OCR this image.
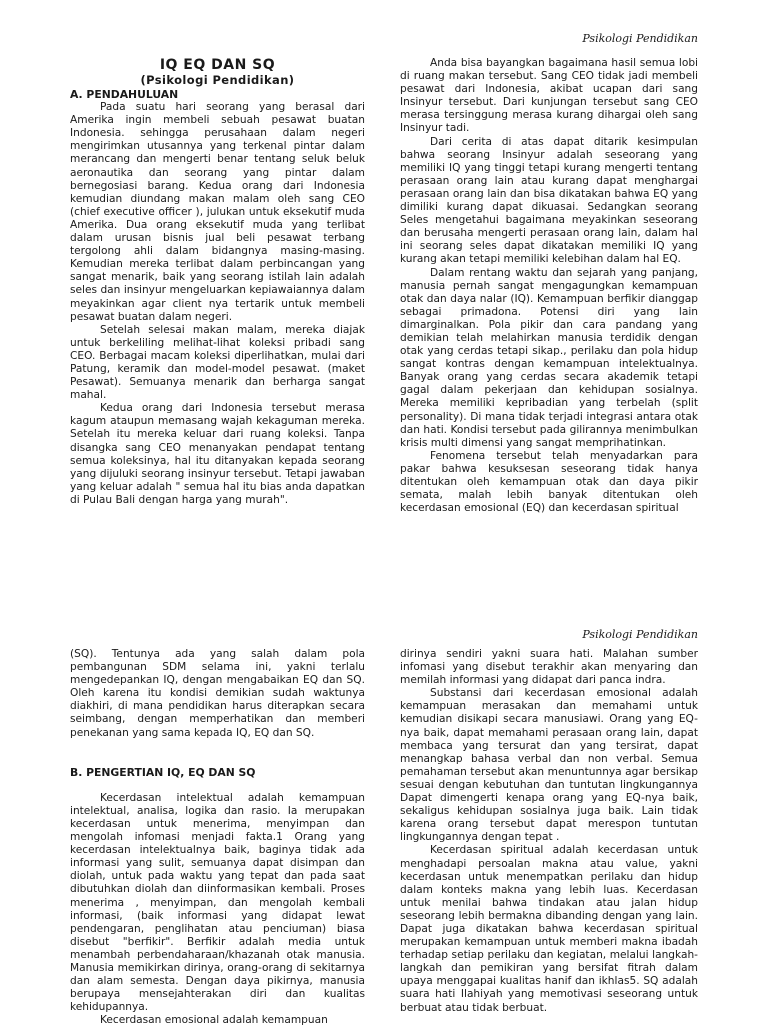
Psikologi Pendidikan

IQ EQ DAN SQ

(Psikologi Pendidikan)

A. PENDAHULUAN

Pada suatu hari seorang yang berasal dari Amerika ingin membeli sebuah pesawat buatan Indonesia. sehingga perusahaan dalam negeri mengirimkan utusannya yang terkenal pintar dalam merancang dan mengerti benar tentang seluk beluk aeronautika dan seorang yang pintar dalam bernegosiasi barang. Kedua orang dari Indonesia kemudian diundang makan malam oleh sang CEO (chief executive officer ), julukan untuk eksekutif muda Amerika. Dua orang eksekutif muda yang terlibat dalam urusan bisnis jual beli pesawat terbang tergolong ahli dalam bidangnya masing-masing. Kemudian mereka terlibat dalam perbincangan yang sangat menarik, baik yang seorang istilah lain adalah seles dan insinyur mengeluarkan kepiawaiannya dalam meyakinkan agar client nya tertarik untuk membeli pesawat buatan dalam negeri.

Setelah selesai makan malam, mereka diajak untuk berkeliling melihat-lihat koleksi pribadi sang CEO. Berbagai macam koleksi diperlihatkan, mulai dari Patung, keramik dan model-model pesawat. (maket Pesawat). Semuanya menarik dan berharga sangat mahal.

Kedua orang dari Indonesia tersebut merasa kagum ataupun memasang wajah kekaguman mereka. Setelah itu mereka keluar dari ruang koleksi. Tanpa disangka sang CEO menanyakan pendapat tentang semua koleksinya, hal itu ditanyakan kepada seorang yang dijuluki seorang insinyur tersebut. Tetapi jawaban yang keluar adalah " semua hal itu bias anda dapatkan di Pulau Bali dengan harga yang murah".

Anda bisa bayangkan bagaimana hasil semua lobi di ruang makan tersebut. Sang CEO tidak jadi membeli pesawat dari Indonesia, akibat ucapan dari sang Insinyur tersebut. Dari kunjungan tersebut sang CEO merasa tersinggung merasa kurang dihargai oleh sang Insinyur tadi.

Dari cerita di atas dapat ditarik kesimpulan bahwa seorang Insinyur adalah seseorang yang memiliki IQ yang tinggi tetapi kurang mengerti tentang perasaan orang lain atau kurang dapat menghargai perasaan orang lain dan bisa dikatakan bahwa EQ yang dimiliki kurang dapat dikuasai. Sedangkan seorang Seles mengetahui bagaimana meyakinkan seseorang dan berusaha mengerti perasaan orang lain, dalam hal ini seorang seles dapat dikatakan memiliki IQ yang kurang akan tetapi memiliki kelebihan dalam hal EQ.

Dalam rentang waktu dan sejarah yang panjang, manusia pernah sangat mengagungkan kemampuan otak dan daya nalar (IQ). Kemampuan berfikir dianggap sebagai primadona. Potensi diri yang lain dimarginalkan. Pola pikir dan cara pandang yang demikian telah melahirkan manusia terdidik dengan otak yang cerdas tetapi sikap., perilaku dan pola hidup sangat kontras dengan kemampuan intelektualnya. Banyak orang yang cerdas secara akademik tetapi gagal dalam pekerjaan dan kehidupan sosialnya. Mereka memiliki kepribadian yang terbelah (split personality). Di mana tidak terjadi integrasi antara otak dan hati. Kondisi tersebut pada gilirannya menimbulkan krisis multi dimensi yang sangat memprihatinkan.

Fenomena tersebut telah menyadarkan para pakar bahwa kesuksesan seseorang tidak hanya ditentukan oleh kemampuan otak dan daya pikir semata, malah lebih banyak ditentukan oleh kecerdasan emosional (EQ) dan kecerdasan spiritual

Psikologi Pendidikan

(SQ). Tentunya ada yang salah dalam pola pembangunan SDM selama ini, yakni terlalu mengedepankan IQ, dengan mengabaikan EQ dan SQ. Oleh karena itu kondisi demikian sudah waktunya diakhiri, di mana pendidikan harus diterapkan secara seimbang, dengan memperhatikan dan memberi penekanan yang sama kepada IQ, EQ dan SQ.

B. PENGERTIAN IQ, EQ DAN SQ

Kecerdasan intelektual adalah kemampuan intelektual, analisa, logika dan rasio. Ia merupakan kecerdasan untuk menerima, menyimpan dan mengolah infomasi menjadi fakta.1 Orang yang kecerdasan intelektualnya baik, baginya tidak ada informasi yang sulit, semuanya dapat disimpan dan diolah, untuk pada waktu yang tepat dan pada saat dibutuhkan diolah dan diinformasikan kembali. Proses menerima , menyimpan, dan mengolah kembali informasi, (baik informasi yang didapat lewat pendengaran, penglihatan atau penciuman) biasa disebut "berfikir". Berfikir adalah media untuk menambah perbendaharaan/khazanah otak manusia. Manusia memikirkan dirinya, orang-orang di sekitarnya dan alam semesta. Dengan daya pikirnya, manusia berupaya mensejahterakan diri dan kualitas kehidupannya.

Kecerdasan emosional adalah kemampuan

dirinya sendiri yakni suara hati. Malahan sumber infomasi yang disebut terakhir akan menyaring dan memilah informasi yang didapat dari panca indra.

Substansi dari kecerdasan emosional adalah kemampuan merasakan dan memahami untuk kemudian disikapi secara manusiawi. Orang yang EQ-nya baik, dapat memahami perasaan orang lain, dapat membaca yang tersurat dan yang tersirat, dapat menangkap bahasa verbal dan non verbal. Semua pemahaman tersebut akan menuntunnya agar bersikap sesuai dengan kebutuhan dan tuntutan lingkungannya Dapat dimengerti kenapa orang yang EQ-nya baik, sekaligus kehidupan sosialnya juga baik. Lain tidak karena orang tersebut dapat merespon tuntutan lingkungannya dengan tepat .

Kecerdasan spiritual adalah kecerdasan untuk menghadapi persoalan makna atau value, yakni kecerdasan untuk menempatkan perilaku dan hidup dalam konteks makna yang lebih luas. Kecerdasan untuk menilai bahwa tindakan atau jalan hidup seseorang lebih bermakna dibanding dengan yang lain. Dapat juga dikatakan bahwa kecerdasan spiritual merupakan kemampuan untuk memberi makna ibadah terhadap setiap perilaku dan kegiatan, melalui langkah- langkah dan pemikiran yang bersifat fitrah dalam upaya menggapai kualitas hanif dan ikhlas5. SQ adalah suara hati Ilahiyah yang memotivasi seseorang untuk berbuat atau tidak berbuat.
